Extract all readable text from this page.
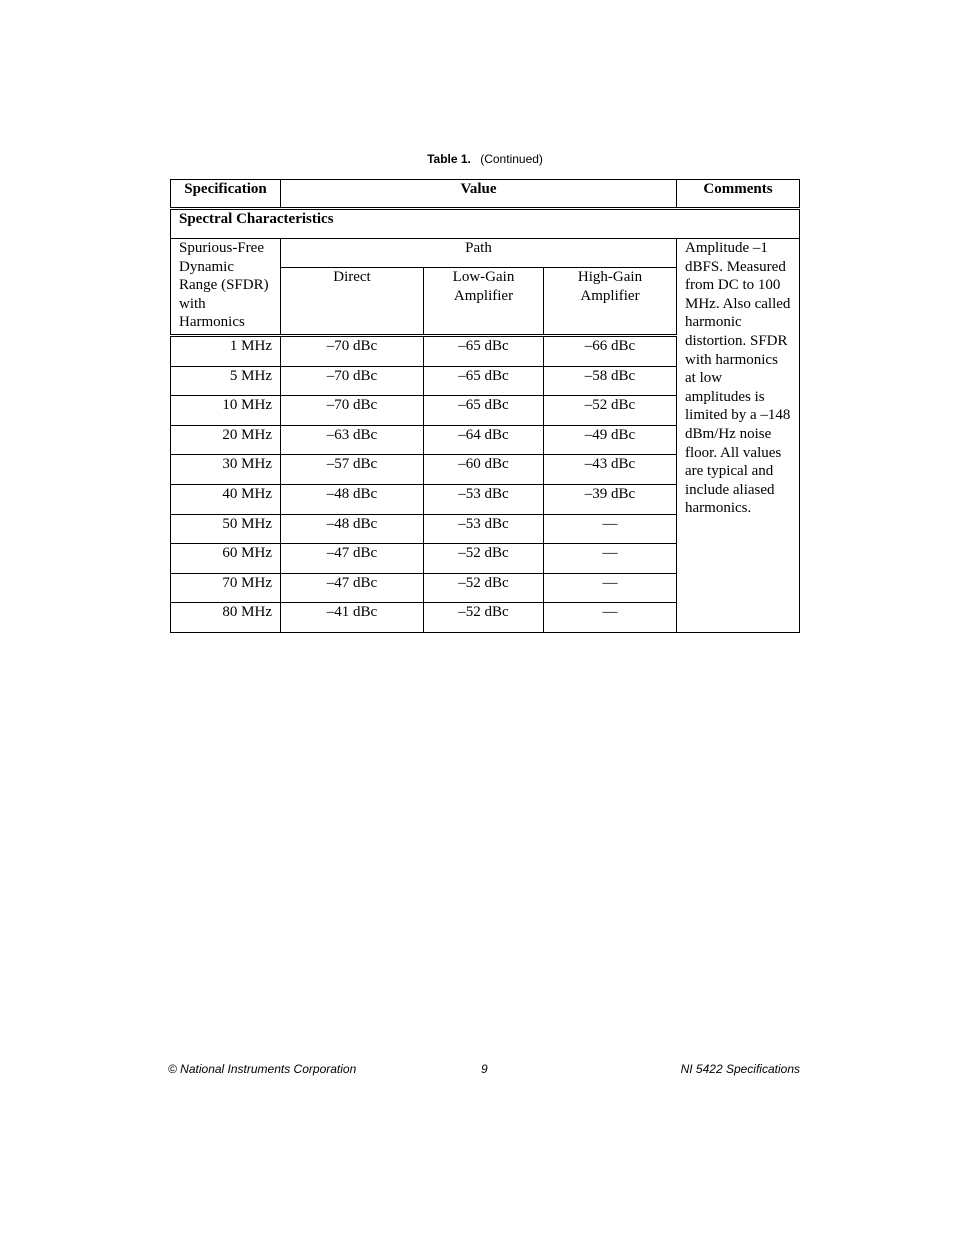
Table 1. (Continued)
Specification	Value			Comments
Spectral Characteristics				
Spurious-Free Dynamic Range (SFDR) with Harmonics	Path			Amplitude –1 dBFS. Measured from DC to 100 MHz. Also called harmonic distortion. SFDR with harmonics at low amplitudes is limited by a –148 dBm/Hz noise floor. All values are typical and include aliased harmonics.
	Direct	Low-Gain Amplifier	High-Gain Amplifier	
1 MHz	–70 dBc	–65 dBc	–66 dBc	
5 MHz	–70 dBc	–65 dBc	–58 dBc	
10 MHz	–70 dBc	–65 dBc	–52 dBc	
20 MHz	–63 dBc	–64 dBc	–49 dBc	
30 MHz	–57 dBc	–60 dBc	–43 dBc	
40 MHz	–48 dBc	–53 dBc	–39 dBc	
50 MHz	–48 dBc	–53 dBc	—	
60 MHz	–47 dBc	–52 dBc	—	
70 MHz	–47 dBc	–52 dBc	—	
80 MHz	–41 dBc	–52 dBc	—	
© National Instruments Corporation	9	NI 5422 Specifications
